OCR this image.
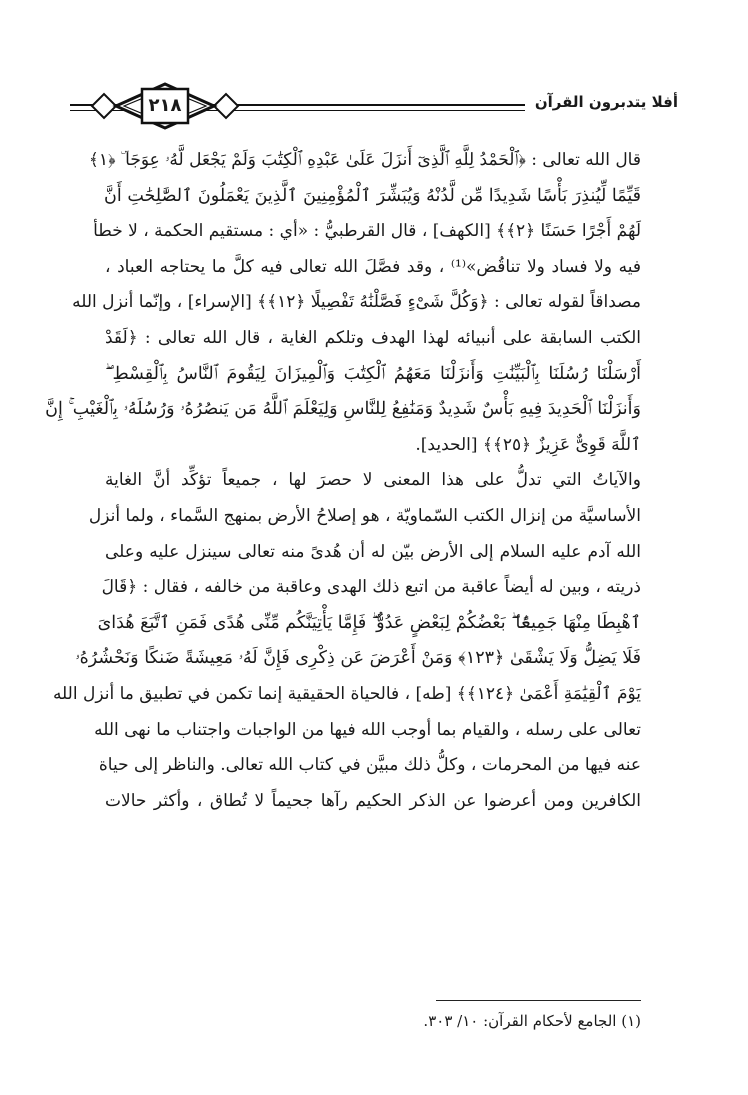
أفلا يتدبرون القرآن
٢١٨
قال الله تعالى : ﴿ٱلْحَمْدُ لِلَّهِ ٱلَّذِىٓ أَنزَلَ عَلَىٰ عَبْدِهِ ٱلْكِتَٰبَ وَلَمْ يَجْعَل لَّهُۥ عِوَجَا ۜ ﴿١﴾
قَيِّمًا لِّيُنذِرَ بَأْسًا شَدِيدًا مِّن لَّدُنْهُ وَيُبَشِّرَ ٱلْمُؤْمِنِينَ ٱلَّذِينَ يَعْمَلُونَ ٱلصَّٰلِحَٰتِ أَنَّ
لَهُمْ أَجْرًا حَسَنًا ﴿٢﴾﴾ [الكهف] ، قال القرطبيُّ : «أي : مستقيم الحكمة ، لا خطأ
فيه ولا فساد ولا تناقُض»⁽¹⁾ ، وقد فصَّلَ الله تعالى فيه كلَّ ما يحتاجه العباد ،
مصداقاً لقوله تعالى : ﴿وَكُلَّ شَىْءٍ فَصَّلْنَٰهُ تَفْصِيلًا ﴿١٢﴾﴾ [الإسراء] ، وإنّما أنزل الله
الكتب السابقة على أنبيائه لهذا الهدف وتلكم الغاية ، قال الله تعالى : ﴿لَقَدْ
أَرْسَلْنَا رُسُلَنَا بِٱلْبَيِّنَٰتِ وَأَنزَلْنَا مَعَهُمُ ٱلْكِتَٰبَ وَٱلْمِيزَانَ لِيَقُومَ ٱلنَّاسُ بِٱلْقِسْطِ ۖ
وَأَنزَلْنَا ٱلْحَدِيدَ فِيهِ بَأْسٌ شَدِيدٌ وَمَنَٰفِعُ لِلنَّاسِ وَلِيَعْلَمَ ٱللَّهُ مَن يَنصُرُهُۥ وَرُسُلَهُۥ بِٱلْغَيْبِ ۚ إِنَّ
ٱللَّهَ قَوِىٌّ عَزِيزٌ ﴿٢٥﴾﴾ [الحديد].
والآياتُ التي تدلُّ على هذا المعنى لا حصرَ لها ، جميعاً تؤكِّد أنَّ الغاية
الأساسيَّة من إنزال الكتب السّماويّة ، هو إصلاحُ الأرض بمنهج السَّماء ، ولما أنزل
الله آدم عليه السلام إلى الأرض بيّن له أن هُدىً منه تعالى سينزل عليه وعلى
ذريته ، وبين له أيضاً عاقبة من اتبع ذلك الهدى وعاقبة من خالفه ، فقال : ﴿قَالَ
ٱهْبِطَا مِنْهَا جَمِيعًۢا ۖ بَعْضُكُمْ لِبَعْضٍ عَدُوٌّ ۖ فَإِمَّا يَأْتِيَنَّكُم مِّنِّى هُدًى فَمَنِ ٱتَّبَعَ هُدَاىَ
فَلَا يَضِلُّ وَلَا يَشْقَىٰ ﴿١٢٣﴾ وَمَنْ أَعْرَضَ عَن ذِكْرِى فَإِنَّ لَهُۥ مَعِيشَةً ضَنكًا وَنَحْشُرُهُۥ
يَوْمَ ٱلْقِيَٰمَةِ أَعْمَىٰ ﴿١٢٤﴾﴾ [طه] ، فالحياة الحقيقية إنما تكمن في تطبيق ما أنزل الله
تعالى على رسله ، والقيام بما أوجب الله فيها من الواجبات واجتناب ما نهى الله
عنه فيها من المحرمات ، وكلُّ ذلك مبيَّن في كتاب الله تعالى. والناظر إلى حياة
الكافرين ومن أعرضوا عن الذكر الحكيم رآها جحيماً لا تُطاق ، وأكثر حالات
(١) الجامع لأحكام القرآن: ١٠/ ٣٠٣.
